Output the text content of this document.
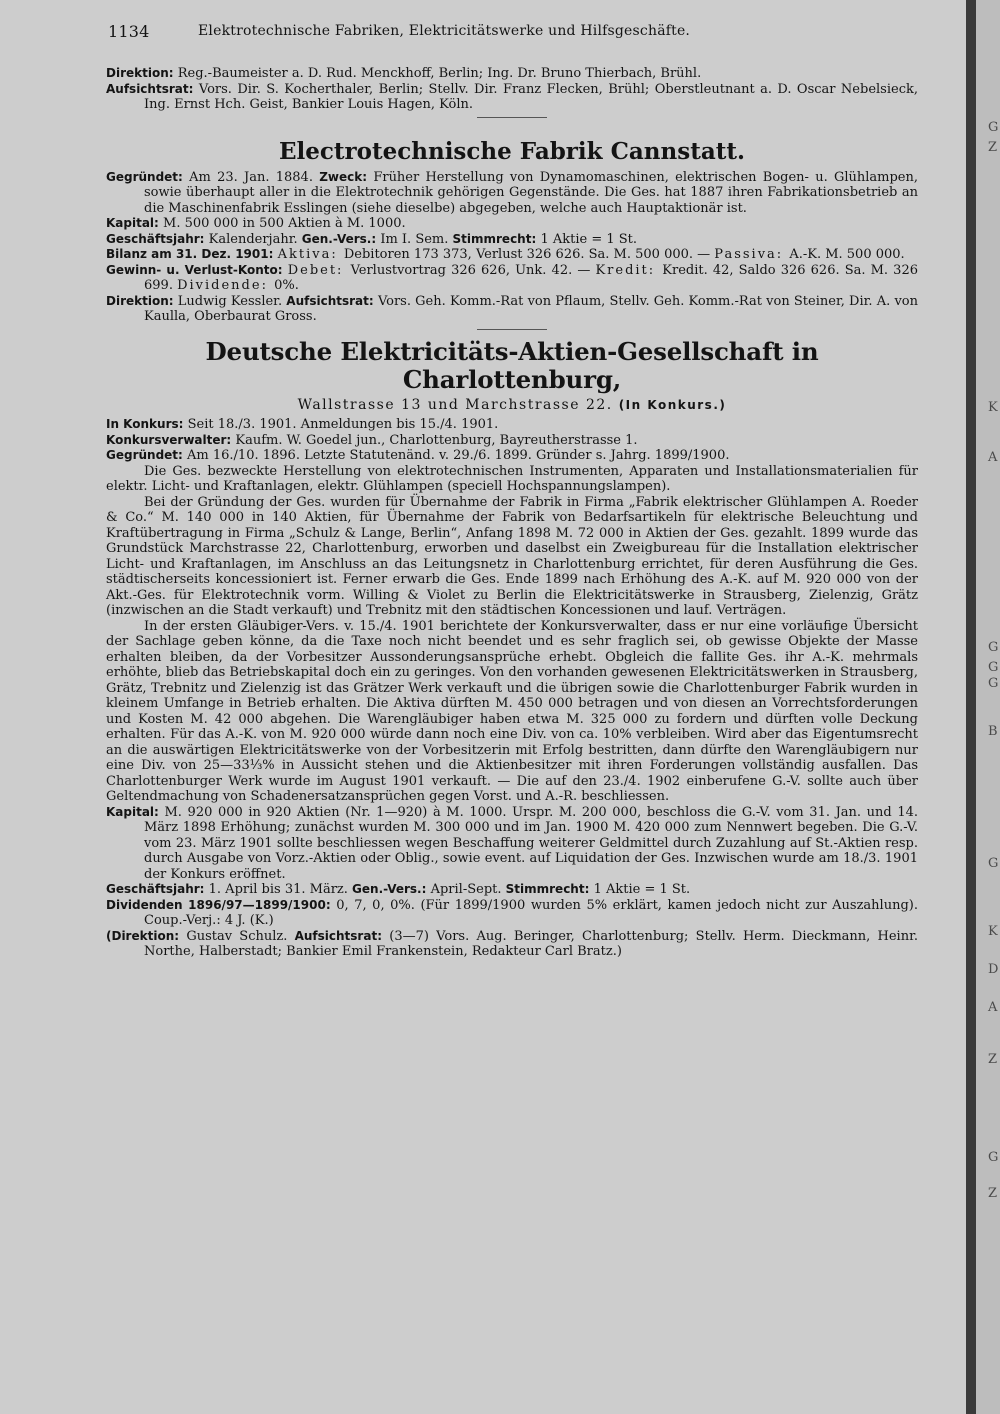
1134	Elektrotechnische Fabriken, Elektricitätswerke und Hilfsgeschäfte.

Direktion: Reg.-Baumeister a. D. Rud. Menckhoff, Berlin; Ing. Dr. Bruno Thierbach, Brühl.

Aufsichtsrat: Vors. Dir. S. Kocherthaler, Berlin; Stellv. Dir. Franz Flecken, Brühl; Oberstleutnant a. D. Oscar Nebelsieck, Ing. Ernst Hch. Geist, Bankier Louis Hagen, Köln.

Electrotechnische Fabrik Cannstatt.

Gegründet: Am 23. Jan. 1884. Zweck: Früher Herstellung von Dynamomaschinen, elektrischen Bogen- u. Glühlampen, sowie überhaupt aller in die Elektrotechnik gehörigen Gegenstände. Die Ges. hat 1887 ihren Fabrikationsbetrieb an die Maschinenfabrik Esslingen (siehe dieselbe) abgegeben, welche auch Hauptaktionär ist.

Kapital: M. 500 000 in 500 Aktien à M. 1000.

Geschäftsjahr: Kalenderjahr. Gen.-Vers.: Im I. Sem. Stimmrecht: 1 Aktie = 1 St.

Bilanz am 31. Dez. 1901: Aktiva: Debitoren 173 373, Verlust 326 626. Sa. M. 500 000. — Passiva: A.-K. M. 500 000.

Gewinn- u. Verlust-Konto: Debet: Verlustvortrag 326 626, Unk. 42. — Kredit: Kredit. 42, Saldo 326 626. Sa. M. 326 699. Dividende: 0%.

Direktion: Ludwig Kessler. Aufsichtsrat: Vors. Geh. Komm.-Rat von Pflaum, Stellv. Geh. Komm.-Rat von Steiner, Dir. A. von Kaulla, Oberbaurat Gross.

Deutsche Elektricitäts-Aktien-Gesellschaft in Charlottenburg,
Wallstrasse 13 und Marchstrasse 22. (In Konkurs.)

In Konkurs: Seit 18./3. 1901. Anmeldungen bis 15./4. 1901.

Konkursverwalter: Kaufm. W. Goedel jun., Charlottenburg, Bayreutherstrasse 1.

Gegründet: Am 16./10. 1896. Letzte Statutenänd. v. 29./6. 1899. Gründer s. Jahrg. 1899/1900.

Die Ges. bezweckte Herstellung von elektrotechnischen Instrumenten, Apparaten und Installationsmaterialien für elektr. Licht- und Kraftanlagen, elektr. Glühlampen (speciell Hochspannungslampen).

Bei der Gründung der Ges. wurden für Übernahme der Fabrik in Firma „Fabrik elektrischer Glühlampen A. Roeder & Co.“ M. 140 000 in 140 Aktien, für Übernahme der Fabrik von Bedarfsartikeln für elektrische Beleuchtung und Kraftübertragung in Firma „Schulz & Lange, Berlin“, Anfang 1898 M. 72 000 in Aktien der Ges. gezahlt. 1899 wurde das Grundstück Marchstrasse 22, Charlottenburg, erworben und daselbst ein Zweigbureau für die Installation elektrischer Licht- und Kraftanlagen, im Anschluss an das Leitungsnetz in Charlottenburg errichtet, für deren Ausführung die Ges. städtischerseits koncessioniert ist. Ferner erwarb die Ges. Ende 1899 nach Erhöhung des A.-K. auf M. 920 000 von der Akt.-Ges. für Elektrotechnik vorm. Willing & Violet zu Berlin die Elektricitätswerke in Strausberg, Zielenzig, Grätz (inzwischen an die Stadt verkauft) und Trebnitz mit den städtischen Koncessionen und lauf. Verträgen.

In der ersten Gläubiger-Vers. v. 15./4. 1901 berichtete der Konkursverwalter, dass er nur eine vorläufige Übersicht der Sachlage geben könne, da die Taxe noch nicht beendet und es sehr fraglich sei, ob gewisse Objekte der Masse erhalten bleiben, da der Vorbesitzer Aussonderungsansprüche erhebt. Obgleich die fallite Ges. ihr A.-K. mehrmals erhöhte, blieb das Betriebskapital doch ein zu geringes. Von den vorhanden gewesenen Elektricitätswerken in Strausberg, Grätz, Trebnitz und Zielenzig ist das Grätzer Werk verkauft und die übrigen sowie die Charlottenburger Fabrik wurden in kleinem Umfange in Betrieb erhalten. Die Aktiva dürften M. 450 000 betragen und von diesen an Vorrechtsforderungen und Kosten M. 42 000 abgehen. Die Warengläubiger haben etwa M. 325 000 zu fordern und dürften volle Deckung erhalten. Für das A.-K. von M. 920 000 würde dann noch eine Div. von ca. 10% verbleiben. Wird aber das Eigentumsrecht an die auswärtigen Elektricitätswerke von der Vorbesitzerin mit Erfolg bestritten, dann dürfte den Warengläubigern nur eine Div. von 25—33⅓% in Aussicht stehen und die Aktienbesitzer mit ihren Forderungen vollständig ausfallen. Das Charlottenburger Werk wurde im August 1901 verkauft. — Die auf den 23./4. 1902 einberufene G.-V. sollte auch über Geltendmachung von Schadenersatzansprüchen gegen Vorst. und A.-R. beschliessen.

Kapital: M. 920 000 in 920 Aktien (Nr. 1—920) à M. 1000. Urspr. M. 200 000, beschloss die G.-V. vom 31. Jan. und 14. März 1898 Erhöhung; zunächst wurden M. 300 000 und im Jan. 1900 M. 420 000 zum Nennwert begeben. Die G.-V. vom 23. März 1901 sollte beschliessen wegen Beschaffung weiterer Geldmittel durch Zuzahlung auf St.-Aktien resp. durch Ausgabe von Vorz.-Aktien oder Oblig., sowie event. auf Liquidation der Ges. Inzwischen wurde am 18./3. 1901 der Konkurs eröffnet.

Geschäftsjahr: 1. April bis 31. März. Gen.-Vers.: April-Sept. Stimmrecht: 1 Aktie = 1 St.

Dividenden 1896/97—1899/1900: 0, 7, 0, 0%. (Für 1899/1900 wurden 5% erklärt, kamen jedoch nicht zur Auszahlung). Coup.-Verj.: 4 J. (K.)

(Direktion: Gustav Schulz. Aufsichtsrat: (3—7) Vors. Aug. Beringer, Charlottenburg; Stellv. Herm. Dieckmann, Heinr. Northe, Halberstadt; Bankier Emil Frankenstein, Redakteur Carl Bratz.)

G
Z
K
A
G
G
G
B
G
K
D
A
Z
G
Z
